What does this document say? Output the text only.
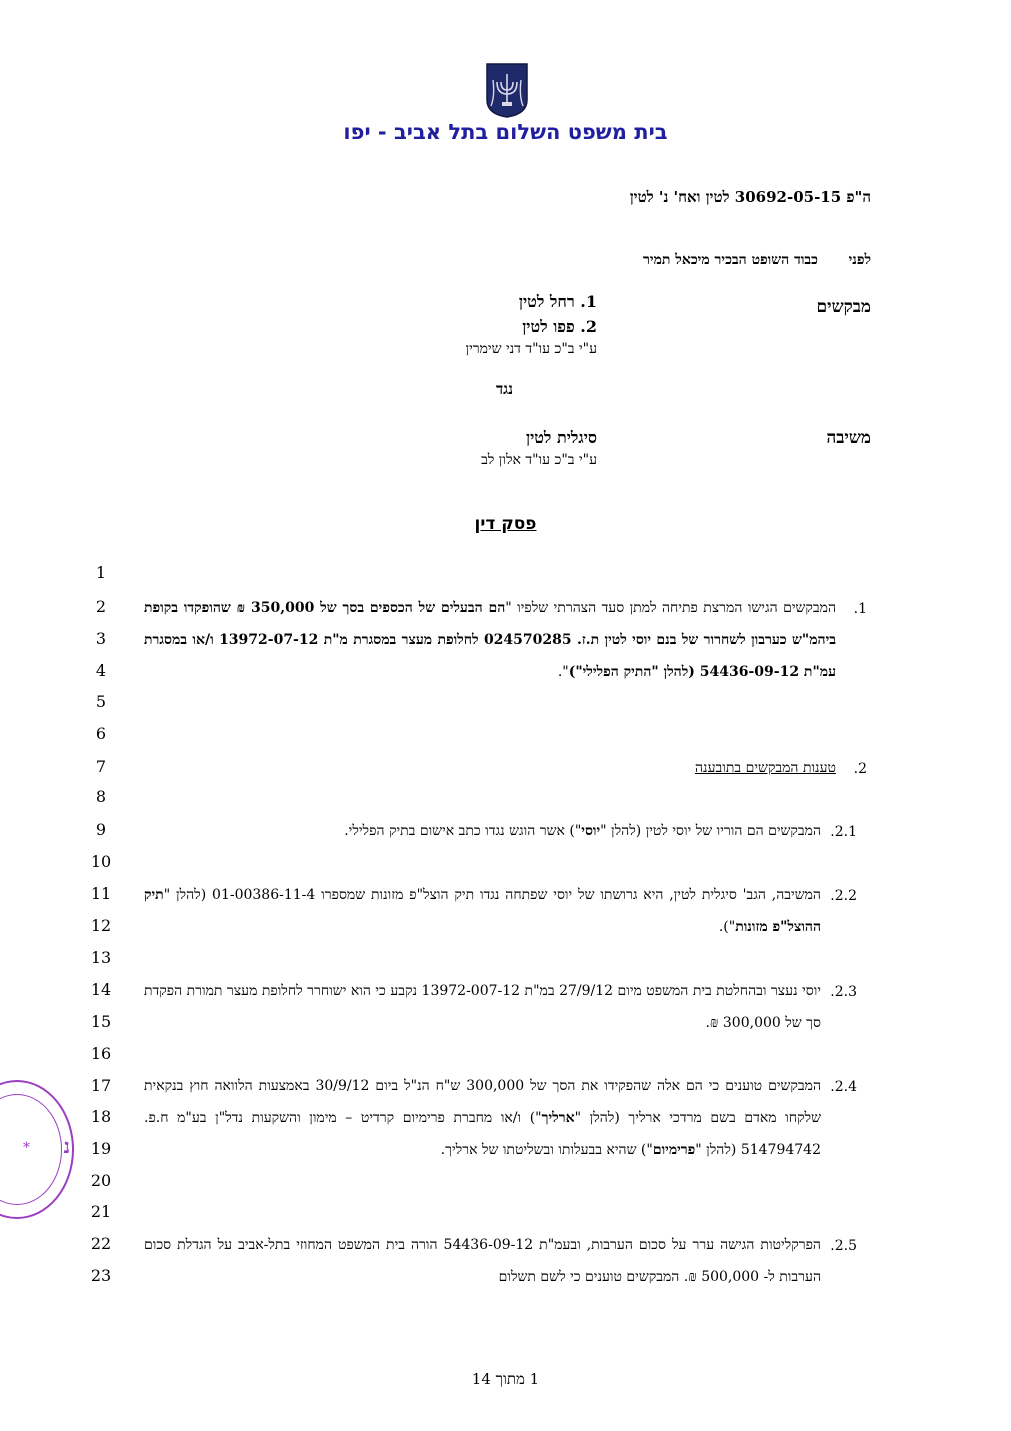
בית משפט השלום בתל אביב - יפו
ה"פ 30692-05-15 לטין ואח' נ' לטין
לפני
כבוד השופט הבכיר מיכאל תמיר
מבקשים
1. רחל לטין
2. פפו לטין
ע"י ב"כ עו"ד דני שימרין
נגד
משיבה
סיגלית לטין
ע"י ב"כ עו"ד אלון לב
פסק דין
1
2
3
4
5
6
7
8
9
10
11
12
13
14
15
16
17
18
19
20
21
22
23
.1
המבקשים הגישו המרצת פתיחה למתן סעד הצהרתי שלפיו "הם הבעלים של הכספים בסך של 350,000 ₪ שהופקדו בקופת ביהמ"ש כערבון לשחרור של בנם יוסי לטין ת.ז. 024570285 לחלופת מעצר במסגרת מ"ת 13972-07-12 ו/או במסגרת עמ"ת 54436-09-12 (להלן "התיק הפלילי")".
.2
טענות המבקשים בתובענה
.2.1
המבקשים הם הוריו של יוסי לטין (להלן "יוסי") אשר הוגש נגדו כתב אישום בתיק הפלילי.
.2.2
המשיבה, הגב' סיגלית לטין, היא גרושתו של יוסי שפתחה נגדו תיק הוצל"פ מזונות שמספרו 01-00386-11-4 (להלן "תיק ההוצל"פ מזונות").
.2.3
יוסי נעצר ובהחלטת בית המשפט מיום 27/9/12 במ"ת 13972-007-12 נקבע כי הוא ישוחרר לחלופת מעצר תמורת הפקדת סך של 300,000 ₪.
.2.4
המבקשים טוענים כי הם אלה שהפקידו את הסך של 300,000 ש"ח הנ"ל ביום 30/9/12 באמצעות הלוואה חוץ בנקאית שלקחו מאדם בשם מרדכי ארליך (להלן "ארליך") ו/או מחברת פרימיום קרדיט – מימון והשקעות נדל"ן בע"מ ח.פ. 514794742 (להלן "פרימיום") שהיא בבעלותו ובשליטתו של ארליך.
.2.5
הפרקליטות הגישה ערר על סכום הערבות, ובעמ"ת 54436-09-12 הורה בית המשפט המחוזי בתל-אביב על הגדלת סכום הערבות ל- 500,000 ₪. המבקשים טוענים כי לשם תשלום
נ
*
1 מתוך 14
